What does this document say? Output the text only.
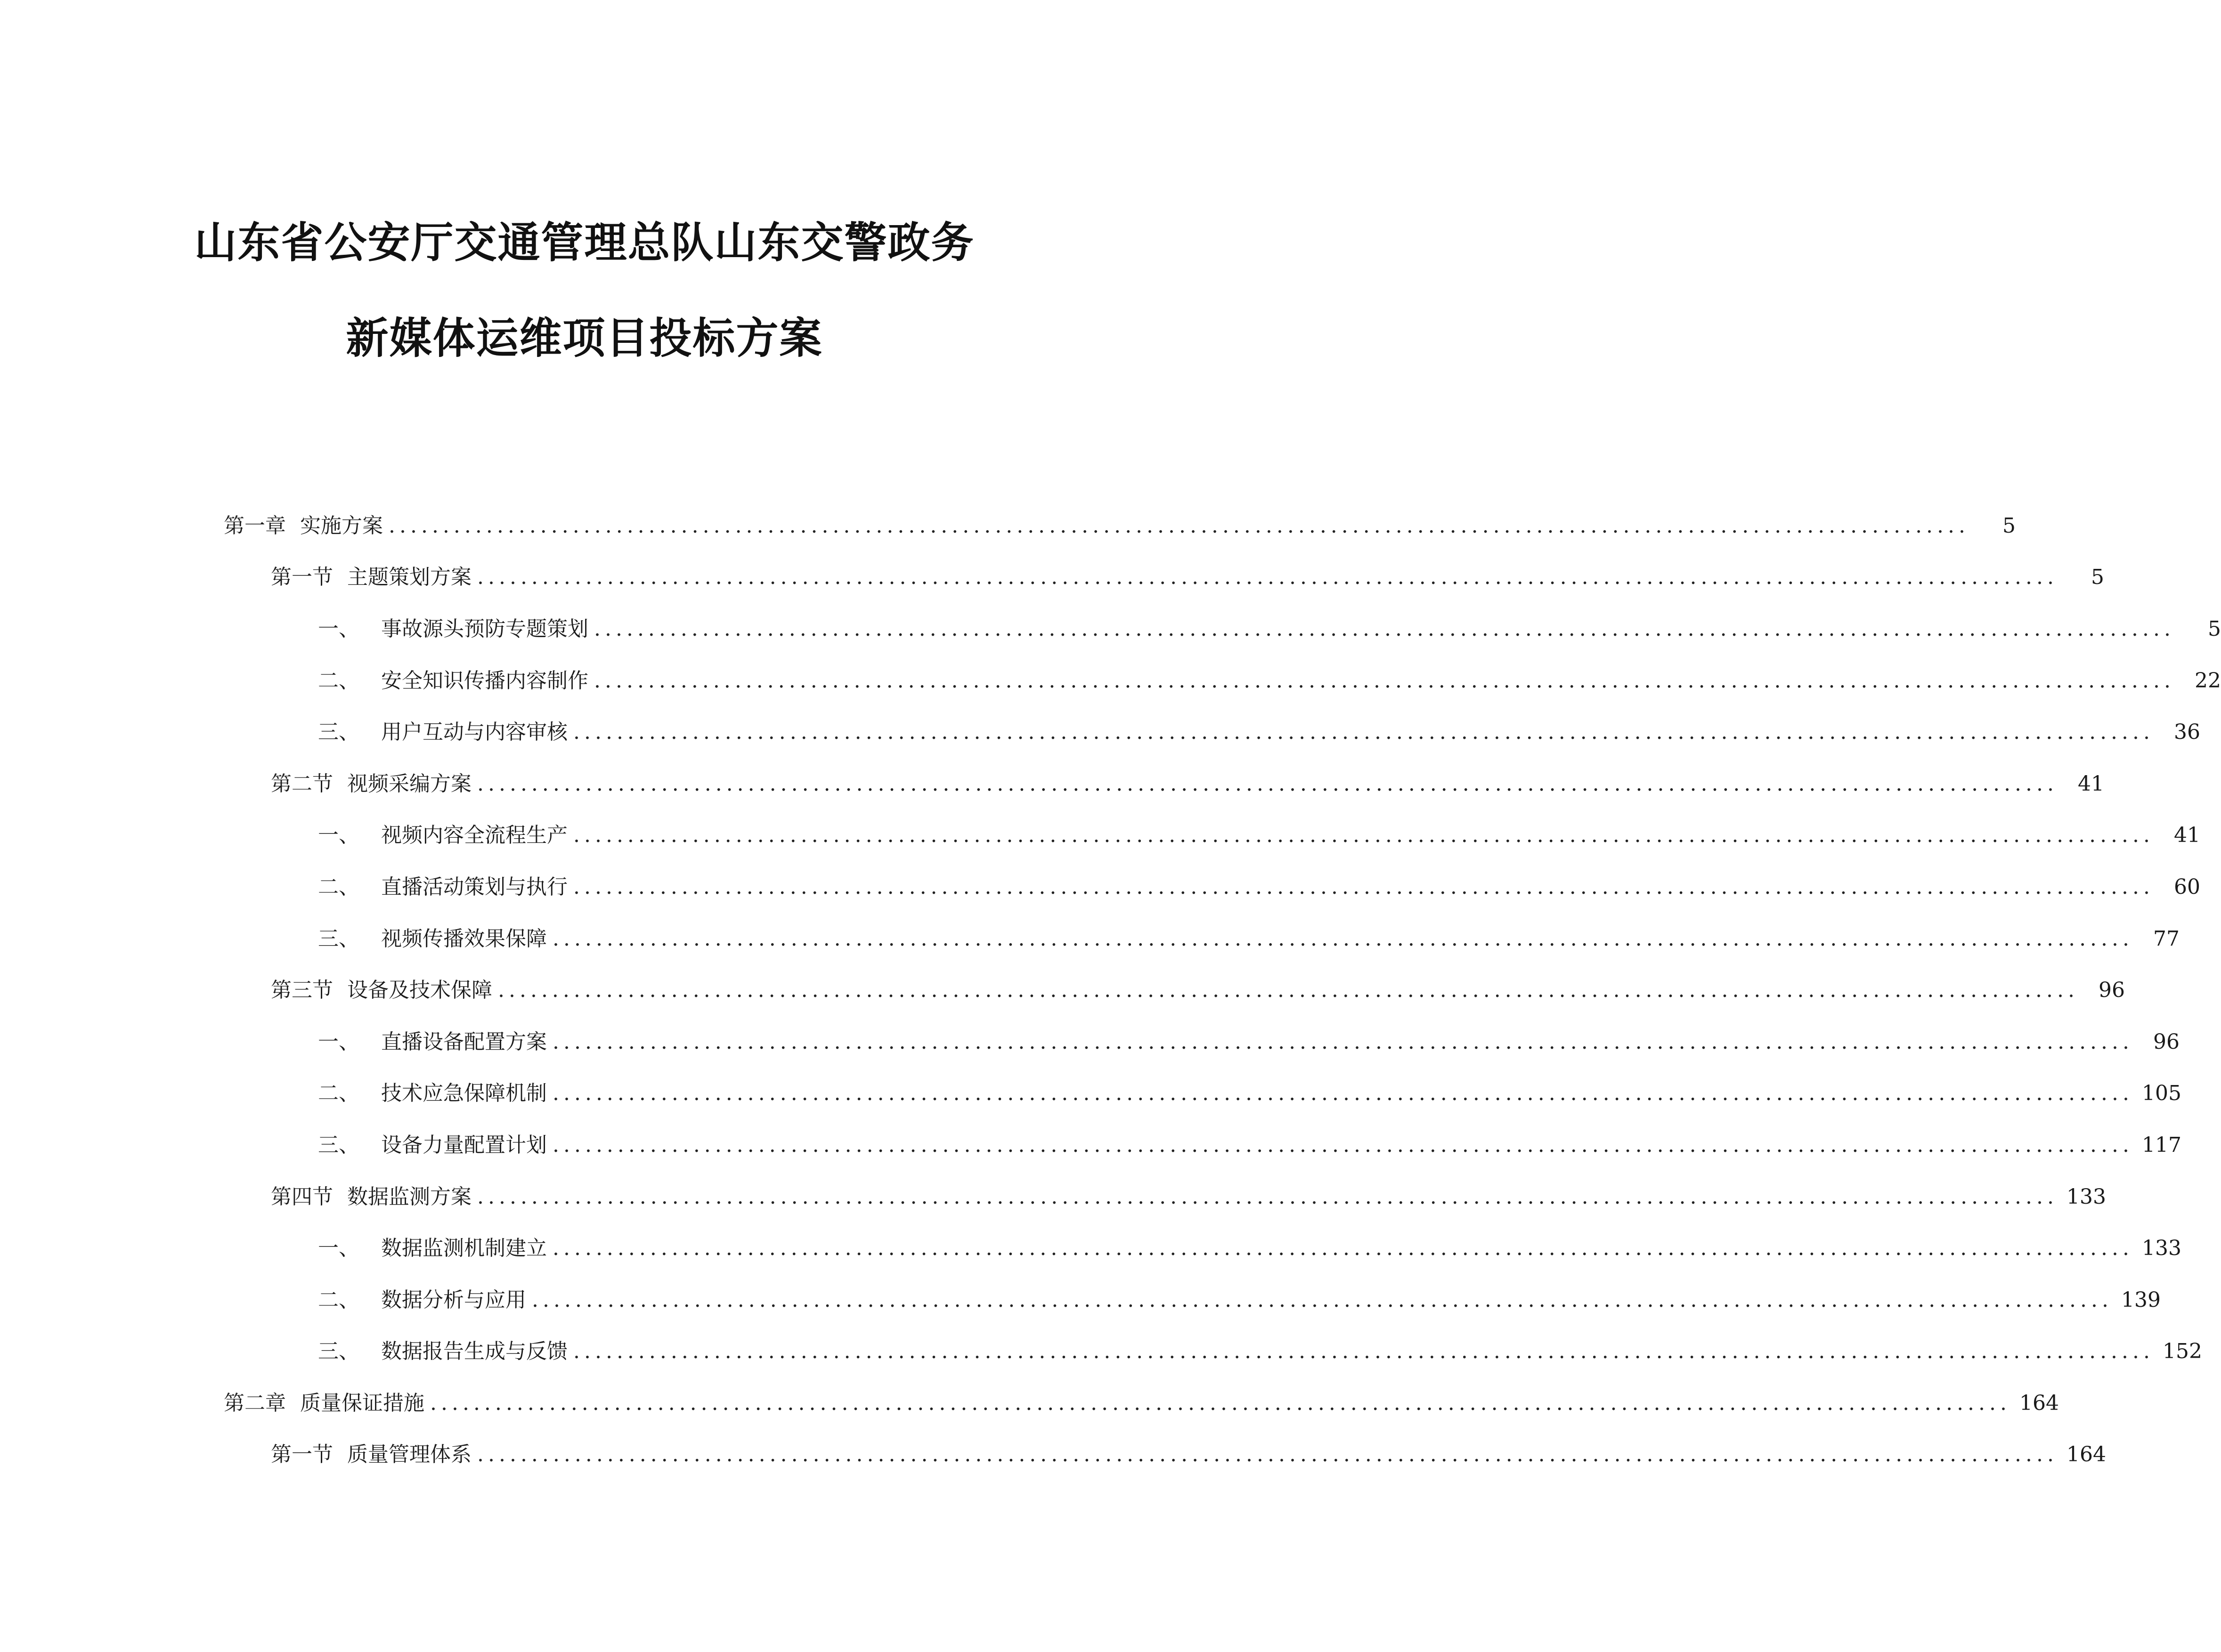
山东省公安厅交通管理总队山东交警政务
新媒体运维项目投标方案
第一章 实施方案 ..................................................................................................................................................	5
第一节 主题策划方案 ..................................................................................................................................................	5
一、 事故源头预防专题策划 ..................................................................................................................................................	5
二、 安全知识传播内容制作 .................................................................................................................................................. 22
三、 用户互动与内容审核 .................................................................................................................................................. 36
第二节 视频采编方案 .................................................................................................................................................. 41
一、 视频内容全流程生产 .................................................................................................................................................. 41
二、 直播活动策划与执行 .................................................................................................................................................. 60
三、 视频传播效果保障 .................................................................................................................................................. 77
第三节 设备及技术保障 .................................................................................................................................................. 96
一、 直播设备配置方案 .................................................................................................................................................. 96
二、 技术应急保障机制 .................................................................................................................................................. 105
三、 设备力量配置计划 .................................................................................................................................................. 117
第四节 数据监测方案 .................................................................................................................................................. 133
一、 数据监测机制建立 .................................................................................................................................................. 133
二、 数据分析与应用 .................................................................................................................................................. 139
三、 数据报告生成与反馈 .................................................................................................................................................. 152
第二章 质量保证措施 .................................................................................................................................................. 164
第一节 质量管理体系 .................................................................................................................................................. 164
